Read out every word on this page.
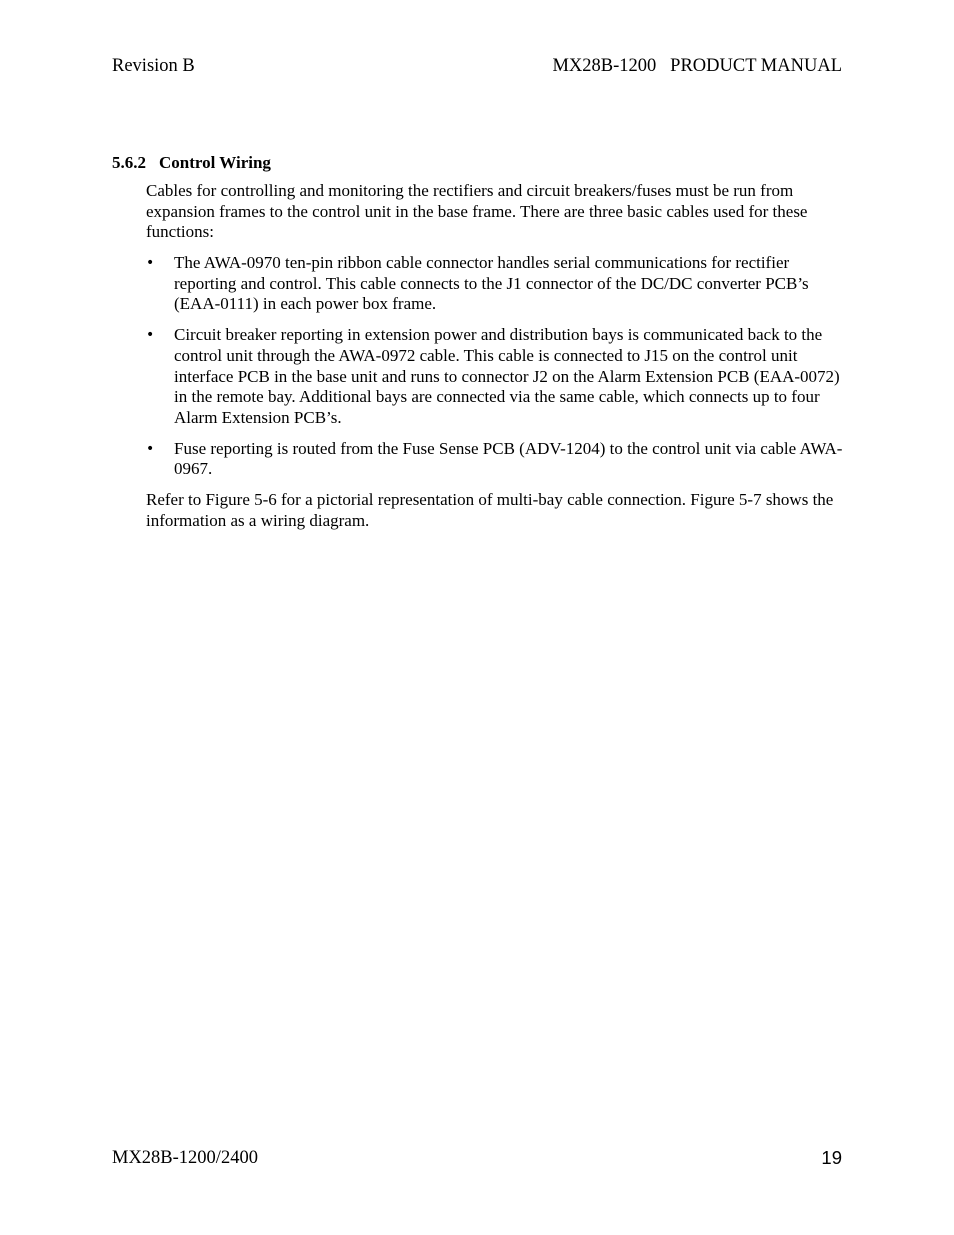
Revision B	MX28B-1200   PRODUCT MANUAL
5.6.2 Control Wiring
Cables for controlling and monitoring the rectifiers and circuit breakers/fuses must be run from expansion frames to the control unit in the base frame. There are three basic cables used for these functions:
• The AWA-0970 ten-pin ribbon cable connector handles serial communications for rectifier reporting and control. This cable connects to the J1 connector of the DC/DC converter PCB’s (EAA-0111) in each power box frame.
• Circuit breaker reporting in extension power and distribution bays is communicated back to the control unit through the AWA-0972 cable. This cable is connected to J15 on the control unit interface PCB in the base unit and runs to connector J2 on the Alarm Extension PCB (EAA-0072) in the remote bay. Additional bays are connected via the same cable, which connects up to four Alarm Extension PCB’s.
• Fuse reporting is routed from the Fuse Sense PCB (ADV-1204) to the control unit via cable AWA-0967.
Refer to Figure 5-6 for a pictorial representation of multi-bay cable connection. Figure 5-7 shows the information as a wiring diagram.
MX28B-1200/2400	19
